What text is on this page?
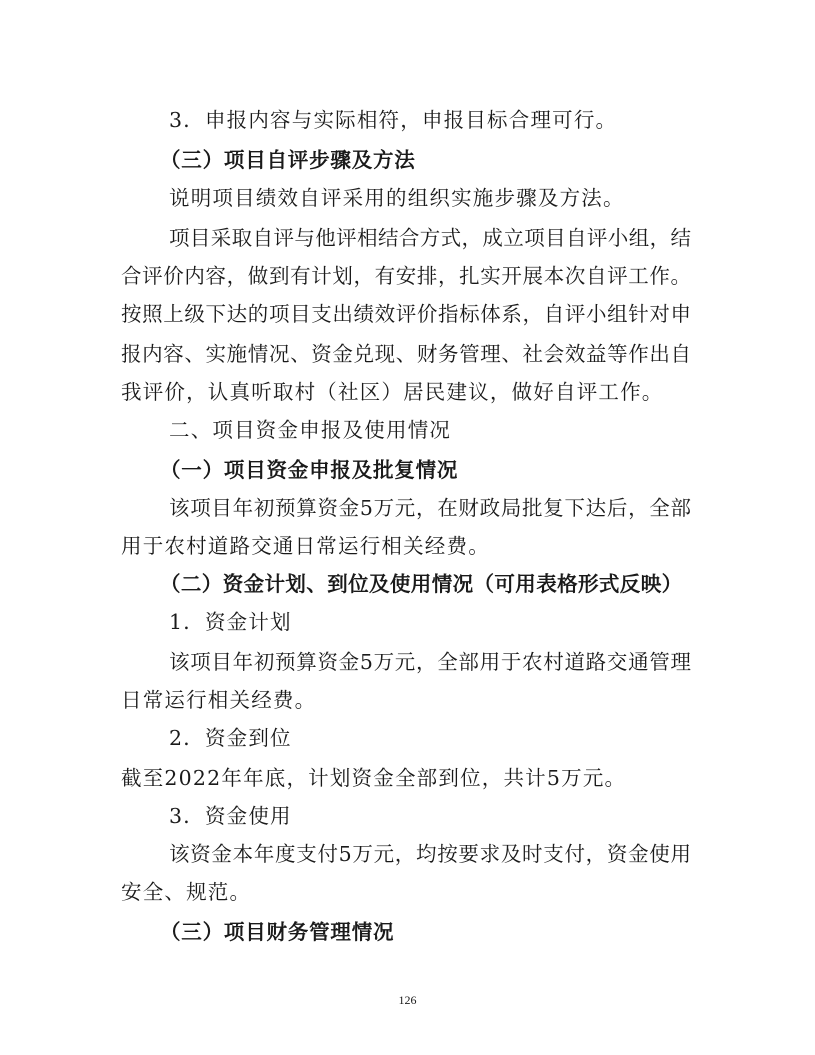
3．申报内容与实际相符，申报目标合理可行。
（三）项目自评步骤及方法
说明项目绩效自评采用的组织实施步骤及方法。
项目采取自评与他评相结合方式，成立项目自评小组，结
合评价内容，做到有计划，有安排，扎实开展本次自评工作。
按照上级下达的项目支出绩效评价指标体系，自评小组针对申
报内容、实施情况、资金兑现、财务管理、社会效益等作出自
我评价，认真听取村（社区）居民建议，做好自评工作。
二、项目资金申报及使用情况
（一）项目资金申报及批复情况
该项目年初预算资金5万元，在财政局批复下达后，全部
用于农村道路交通日常运行相关经费。
（二）资金计划、到位及使用情况（可用表格形式反映）
1．资金计划
该项目年初预算资金5万元，全部用于农村道路交通管理
日常运行相关经费。
2．资金到位
截至2022年年底，计划资金全部到位，共计5万元。
3．资金使用
该资金本年度支付5万元，均按要求及时支付，资金使用
安全、规范。
（三）项目财务管理情况
126
